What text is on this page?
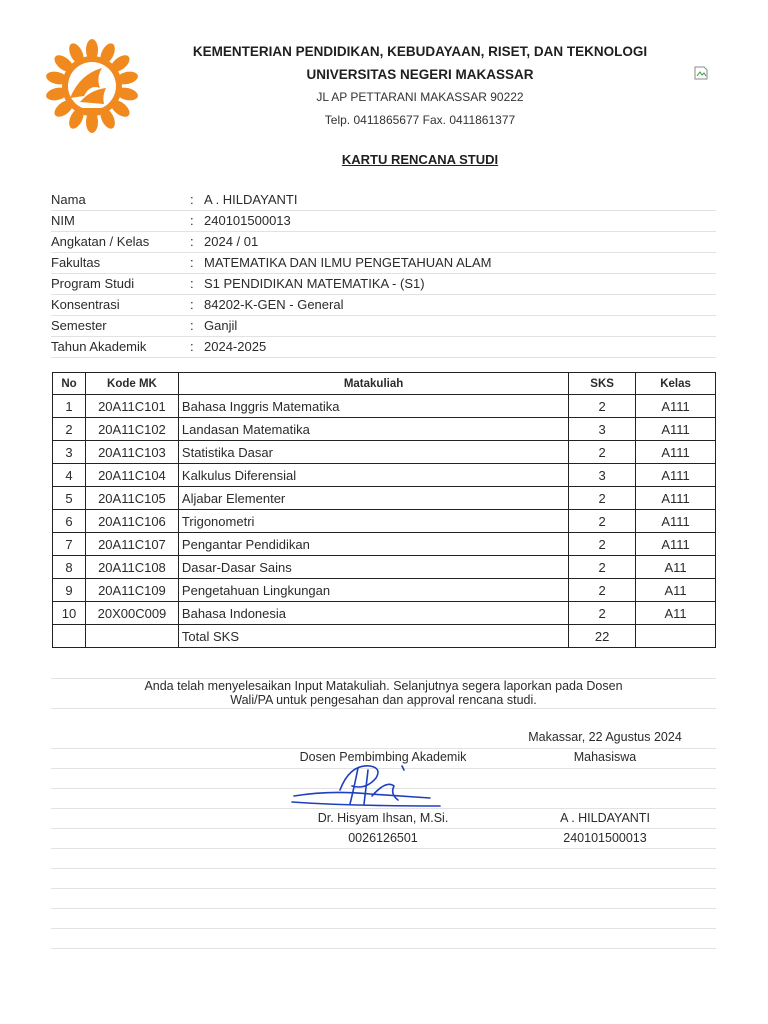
KEMENTERIAN PENDIDIKAN, KEBUDAYAAN, RISET, DAN TEKNOLOGI
UNIVERSITAS NEGERI MAKASSAR
JL AP PETTARANI MAKASSAR 90222
Telp. 0411865677 Fax. 0411861377
KARTU RENCANA STUDI
Nama	: A . HILDAYANTI
NIM	: 240101500013
Angkatan / Kelas	: 2024 / 01
Fakultas	: MATEMATIKA DAN ILMU PENGETAHUAN ALAM
Program Studi	: S1 PENDIDIKAN MATEMATIKA - (S1)
Konsentrasi	: 84202-K-GEN - General
Semester	: Ganjil
Tahun Akademik	: 2024-2025
No	Kode MK	Matakuliah	SKS	Kelas
1	20A11C101	Bahasa Inggris Matematika	2	A111
2	20A11C102	Landasan Matematika	3	A111
3	20A11C103	Statistika Dasar	2	A111
4	20A11C104	Kalkulus Diferensial	3	A111
5	20A11C105	Aljabar Elementer	2	A111
6	20A11C106	Trigonometri	2	A111
7	20A11C107	Pengantar Pendidikan	2	A111
8	20A11C108	Dasar-Dasar Sains	2	A11
9	20A11C109	Pengetahuan Lingkungan	2	A11
10	20X00C009	Bahasa Indonesia	2	A11
		Total SKS	22	
Anda telah menyelesaikan Input Matakuliah. Selanjutnya segera laporkan pada Dosen
Wali/PA untuk pengesahan dan approval rencana studi.
Makassar, 22 Agustus 2024
Dosen Pembimbing Akademik	Mahasiswa
Dr. Hisyam Ihsan, M.Si.
0026126501
A . HILDAYANTI
240101500013
